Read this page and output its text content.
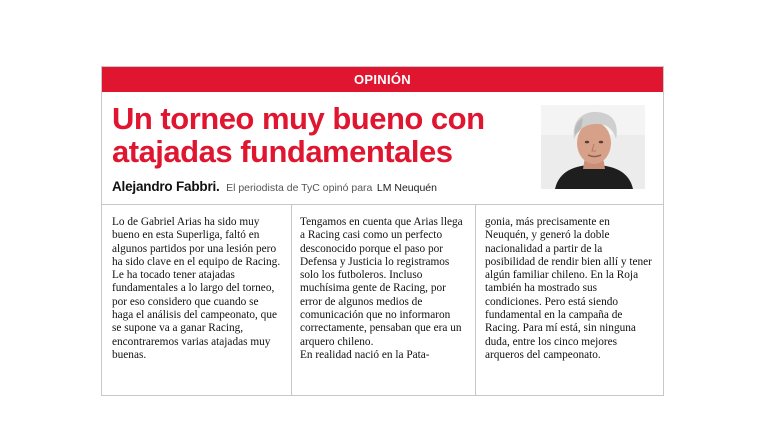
OPINIÓN
Un torneo muy bueno con atajadas fundamentales
Alejandro Fabbri. El periodista de TyC opinó para LM Neuquén

Lo de Gabriel Arias ha sido muy bueno en esta Superliga, faltó en algunos partidos por una lesión pero ha sido clave en el equipo de Racing.

Le ha tocado tener atajadas fundamentales a lo largo del torneo, por eso considero que cuando se haga el análisis del campeonato, que se supone va a ganar Racing, encontraremos varias atajadas muy buenas.

Tengamos en cuenta que Arias llega a Racing casi como un perfecto desconocido porque el paso por Defensa y Justicia lo registramos solo los futboleros. Incluso muchísima gente de Racing, por error de algunos medios de comunicación que no informaron correctamente, pensaban que era un arquero chileno.

En realidad nació en la Pata-

gonia, más precisamente en Neuquén, y generó la doble nacionalidad a partir de la posibilidad de rendir bien allí y tener algún familiar chileno. En la Roja también ha mostrado sus condiciones. Pero está siendo fundamental en la campaña de Racing. Para mí está, sin ninguna duda, entre los cinco mejores arqueros del campeonato.
